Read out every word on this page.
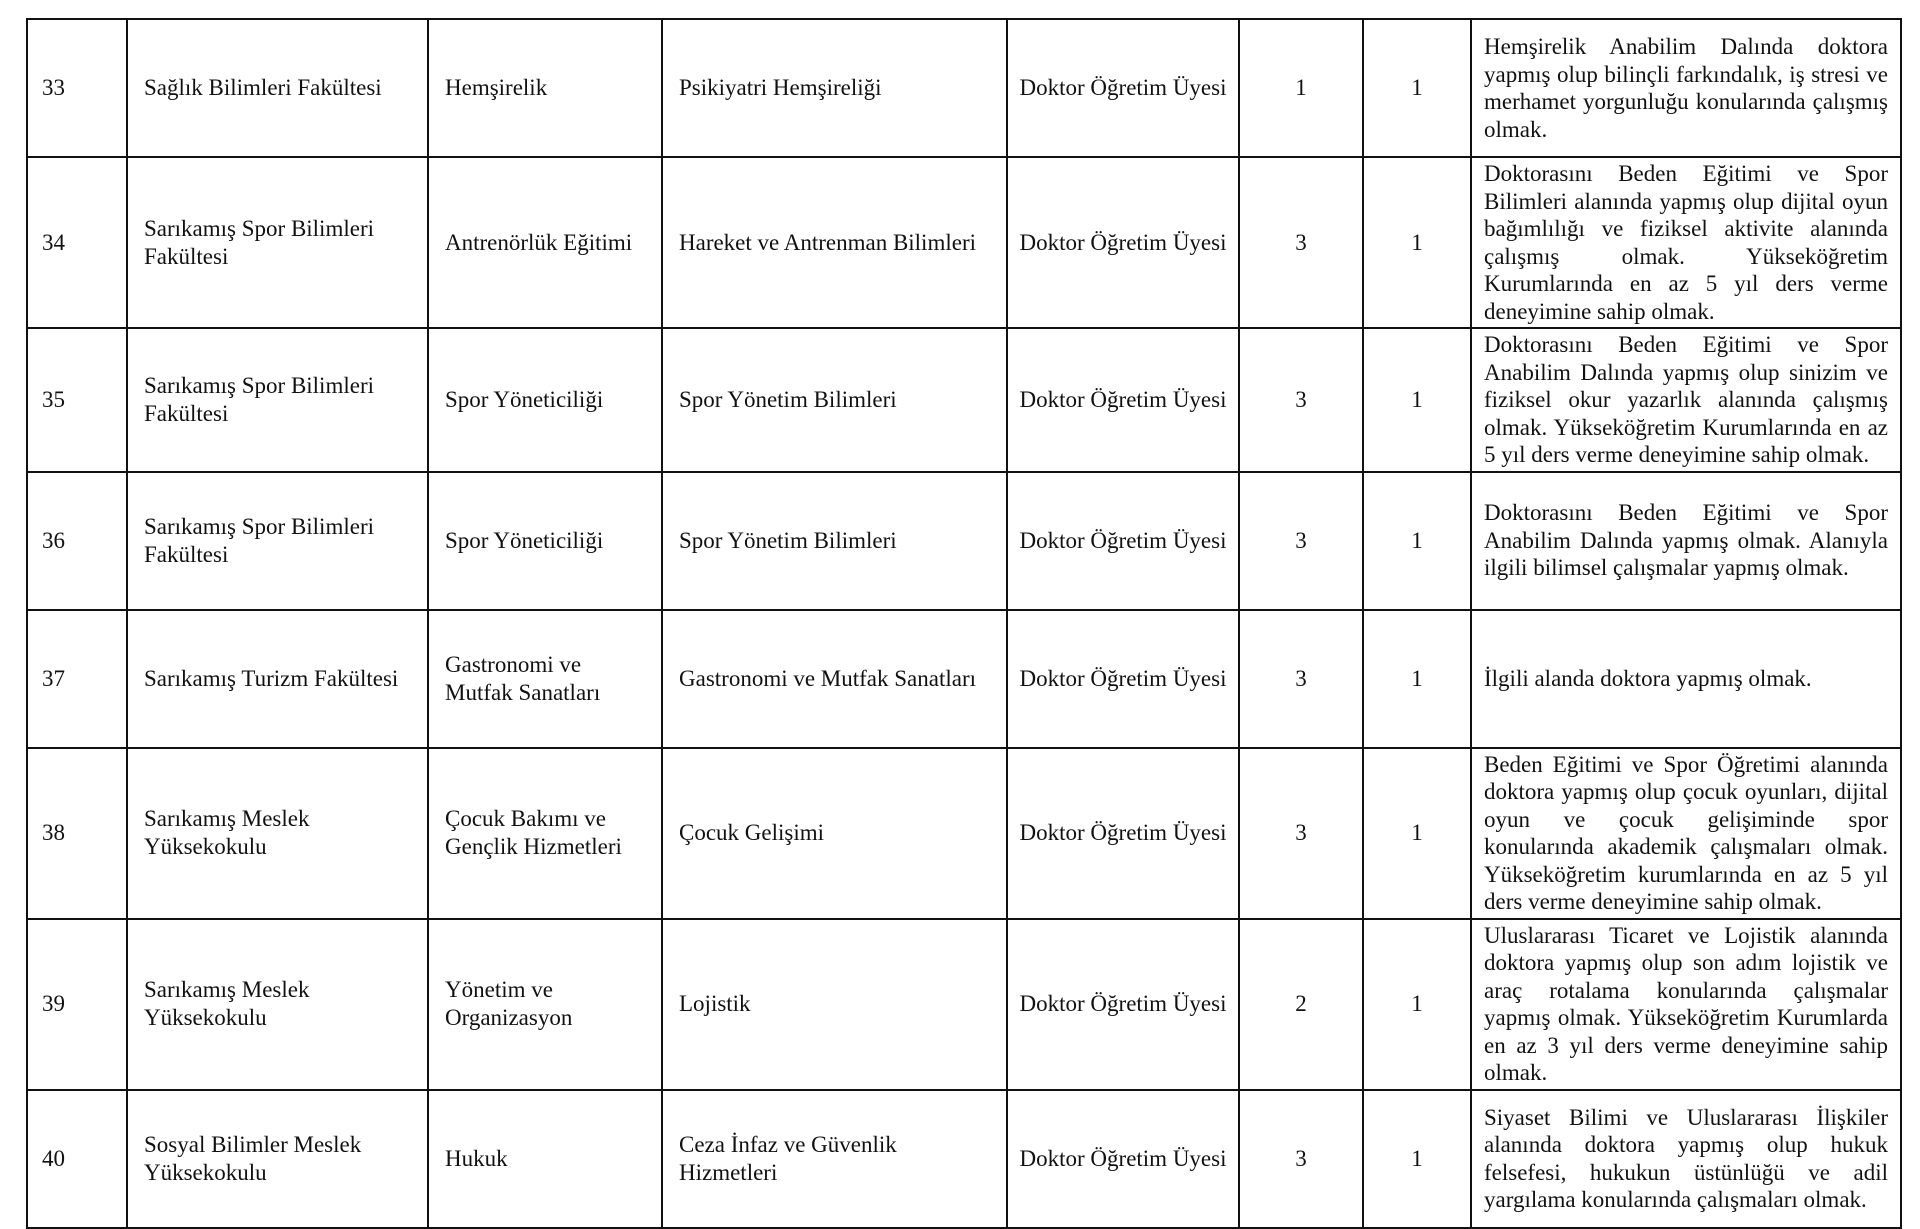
33	Sağlık Bilimleri Fakültesi	Hemşirelik	Psikiyatri Hemşireliği	Doktor Öğretim Üyesi	1	1	Hemşirelik Anabilim Dalında doktora yapmış olup bilinçli farkındalık, iş stresi ve merhamet yorgunluğu konularında çalışmış olmak.
34	Sarıkamış Spor Bilimleri Fakültesi	Antrenörlük Eğitimi	Hareket ve Antrenman Bilimleri	Doktor Öğretim Üyesi	3	1	Doktorasını Beden Eğitimi ve Spor Bilimleri alanında yapmış olup dijital oyun bağımlılığı ve fiziksel aktivite alanında çalışmış olmak. Yükseköğretim Kurumlarında en az 5 yıl ders verme deneyimine sahip olmak.
35	Sarıkamış Spor Bilimleri Fakültesi	Spor Yöneticiliği	Spor Yönetim Bilimleri	Doktor Öğretim Üyesi	3	1	Doktorasını Beden Eğitimi ve Spor Anabilim Dalında yapmış olup sinizim ve fiziksel okur yazarlık alanında çalışmış olmak. Yükseköğretim Kurumlarında en az 5 yıl ders verme deneyimine sahip olmak.
36	Sarıkamış Spor Bilimleri Fakültesi	Spor Yöneticiliği	Spor Yönetim Bilimleri	Doktor Öğretim Üyesi	3	1	Doktorasını Beden Eğitimi ve Spor Anabilim Dalında yapmış olmak. Alanıyla ilgili bilimsel çalışmalar yapmış olmak.
37	Sarıkamış Turizm Fakültesi	Gastronomi ve Mutfak Sanatları	Gastronomi ve Mutfak Sanatları	Doktor Öğretim Üyesi	3	1	İlgili alanda doktora yapmış olmak.
38	Sarıkamış Meslek Yüksekokulu	Çocuk Bakımı ve Gençlik Hizmetleri	Çocuk Gelişimi	Doktor Öğretim Üyesi	3	1	Beden Eğitimi ve Spor Öğretimi alanında doktora yapmış olup çocuk oyunları, dijital oyun ve çocuk gelişiminde spor konularında akademik çalışmaları olmak. Yükseköğretim kurumlarında en az 5 yıl ders verme deneyimine sahip olmak.
39	Sarıkamış Meslek Yüksekokulu	Yönetim ve Organizasyon	Lojistik	Doktor Öğretim Üyesi	2	1	Uluslararası Ticaret ve Lojistik alanında doktora yapmış olup son adım lojistik ve araç rotalama konularında çalışmalar yapmış olmak. Yükseköğretim Kurumlarda en az 3 yıl ders verme deneyimine sahip olmak.
40	Sosyal Bilimler Meslek Yüksekokulu	Hukuk	Ceza İnfaz ve Güvenlik Hizmetleri	Doktor Öğretim Üyesi	3	1	Siyaset Bilimi ve Uluslararası İlişkiler alanında doktora yapmış olup hukuk felsefesi, hukukun üstünlüğü ve adil yargılama konularında çalışmaları olmak.
